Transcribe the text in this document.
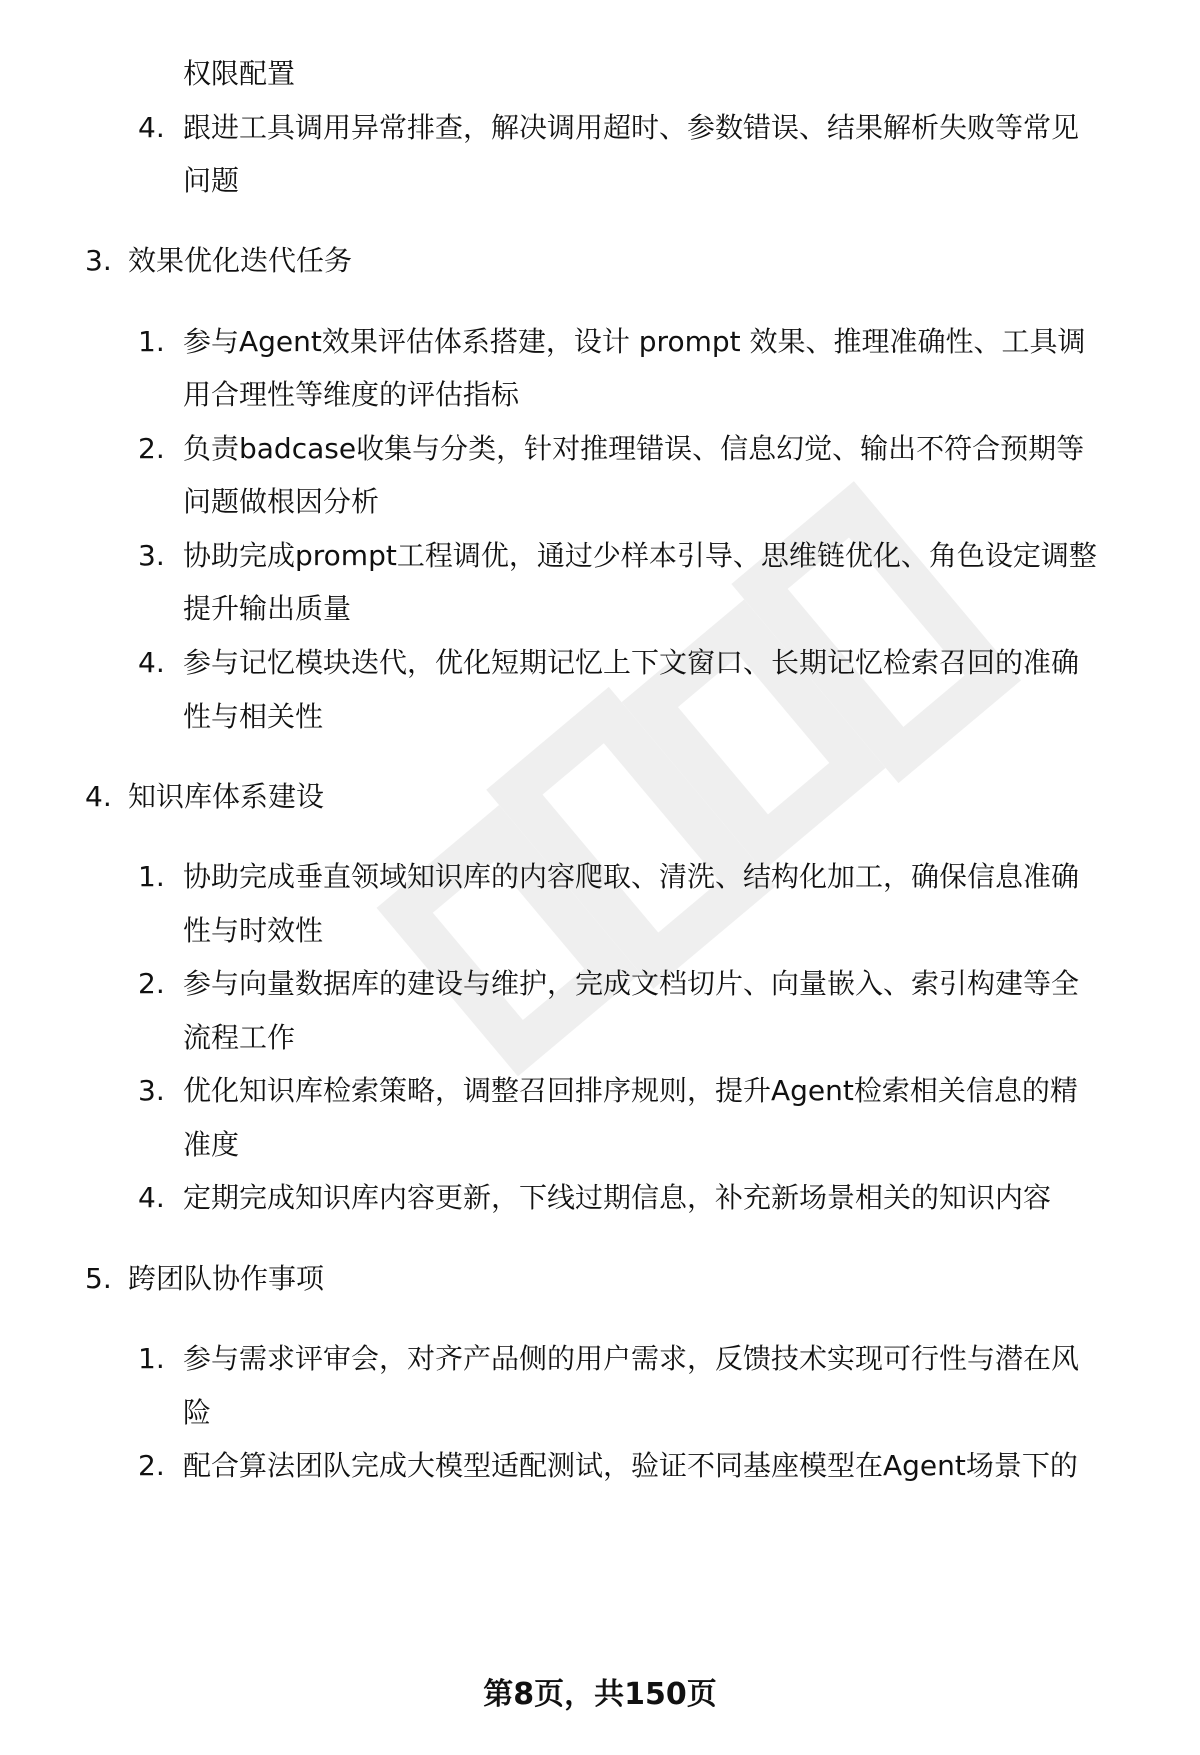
权限配置
4. 跟进工具调用异常排查，解决调用超时、参数错误、结果解析失败等常见
问题
3. 效果优化迭代任务
1. 参与Agent效果评估体系搭建，设计 prompt 效果、推理准确性、工具调
用合理性等维度的评估指标
2. 负责badcase收集与分类，针对推理错误、信息幻觉、输出不符合预期等
问题做根因分析
3. 协助完成prompt工程调优，通过少样本引导、思维链优化、角色设定调整
提升输出质量
4. 参与记忆模块迭代，优化短期记忆上下文窗口、长期记忆检索召回的准确
性与相关性
4. 知识库体系建设
1. 协助完成垂直领域知识库的内容爬取、清洗、结构化加工，确保信息准确
性与时效性
2. 参与向量数据库的建设与维护，完成文档切片、向量嵌入、索引构建等全
流程工作
3. 优化知识库检索策略，调整召回排序规则，提升Agent检索相关信息的精
准度
4. 定期完成知识库内容更新，下线过期信息，补充新场景相关的知识内容
5. 跨团队协作事项
1. 参与需求评审会，对齐产品侧的用户需求，反馈技术实现可行性与潜在风
险
2. 配合算法团队完成大模型适配测试，验证不同基座模型在Agent场景下的
第8页，共150页
